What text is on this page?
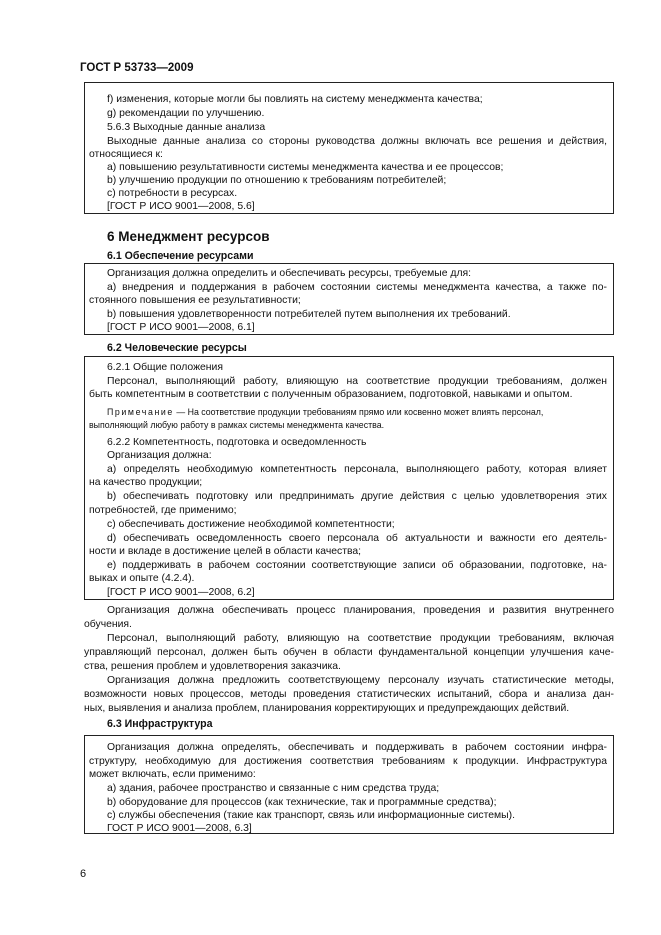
ГОСТ Р 53733—2009
f) изменения, которые могли бы повлиять на систему менеджмента качества;
g) рекомендации по улучшению.
5.6.3 Выходные данные анализа
Выходные данные анализа со стороны руководства должны включать все решения и действия,
относящиеся к:
a) повышению результативности системы менеджмента качества и ее процессов;
b) улучшению продукции по отношению к требованиям потребителей;
c) потребности в ресурсах.
[ГОСТ Р ИСО 9001—2008, 5.6]
6 Менеджмент ресурсов
6.1 Обеспечение ресурсами
Организация должна определить и обеспечивать ресурсы, требуемые для:
a) внедрения и поддержания в рабочем состоянии системы менеджмента качества, а также по-
стоянного повышения ее результативности;
b) повышения удовлетворенности потребителей путем выполнения их требований.
[ГОСТ Р ИСО 9001—2008, 6.1]
6.2 Человеческие ресурсы
6.2.1 Общие положения
Персонал, выполняющий работу, влияющую на соответствие продукции требованиям, должен
быть компетентным в соответствии с полученным образованием, подготовкой, навыками и опытом.
Примечание — На соответствие продукции требованиям прямо или косвенно может влиять персонал,
выполняющий любую работу в рамках системы менеджмента качества.
6.2.2 Компетентность, подготовка и осведомленность
Организация должна:
a) определять необходимую компетентность персонала, выполняющего работу, которая влияет
на качество продукции;
b) обеспечивать подготовку или предпринимать другие действия с целью удовлетворения этих
потребностей, где применимо;
c) обеспечивать достижение необходимой компетентности;
d) обеспечивать осведомленность своего персонала об актуальности и важности его деятель-
ности и вкладе в достижение целей в области качества;
e) поддерживать в рабочем состоянии соответствующие записи об образовании, подготовке, на-
выках и опыте (4.2.4).
[ГОСТ Р ИСО 9001—2008, 6.2]
Организация должна обеспечивать процесс планирования, проведения и развития внутреннего
обучения.
Персонал, выполняющий работу, влияющую на соответствие продукции требованиям, включая
управляющий персонал, должен быть обучен в области фундаментальной концепции улучшения каче-
ства, решения проблем и удовлетворения заказчика.
Организация должна предложить соответствующему персоналу изучать статистические методы,
возможности новых процессов, методы проведения статистических испытаний, сбора и анализа дан-
ных, выявления и анализа проблем, планирования корректирующих и предупреждающих действий.
6.3 Инфраструктура
Организация должна определять, обеспечивать и поддерживать в рабочем состоянии инфра-
структуру, необходимую для достижения соответствия требованиям к продукции. Инфраструктура
может включать, если применимо:
a) здания, рабочее пространство и связанные с ним средства труда;
b) оборудование для процессов (как технические, так и программные средства);
c) службы обеспечения (такие как транспорт, связь или информационные системы).
ГОСТ Р ИСО 9001—2008, 6.3]
6
